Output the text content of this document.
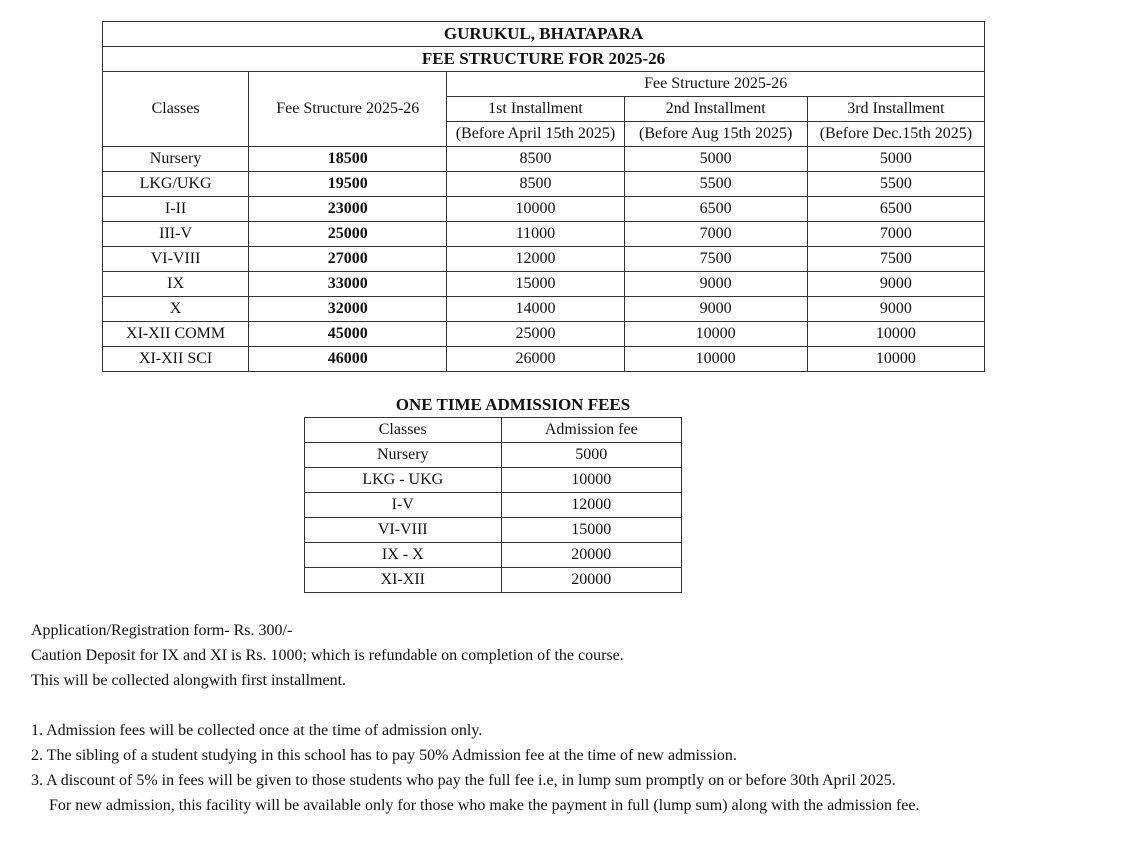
GURUKUL, BHATAPARA				
FEE STRUCTURE FOR 2025-26				
Classes	Fee Structure 2025-26	Fee Structure 2025-26		
		1st Installment	2nd Installment	3rd Installment
		(Before April 15th 2025)	(Before Aug 15th 2025)	(Before Dec.15th 2025)
Nursery	18500	8500	5000	5000
LKG/UKG	19500	8500	5500	5500
I-II	23000	10000	6500	6500
III-V	25000	11000	7000	7000
VI-VIII	27000	12000	7500	7500
IX	33000	15000	9000	9000
X	32000	14000	9000	9000
XI-XII COMM	45000	25000	10000	10000
XI-XII SCI	46000	26000	10000	10000
ONE TIME ADMISSION FEES
Classes	Admission fee
Nursery	5000
LKG - UKG	10000
I-V	12000
VI-VIII	15000
IX - X	20000
XI-XII	20000
Application/Registration form- Rs. 300/-
Caution Deposit for IX and XI is Rs. 1000; which is refundable on completion of the course.
This will be collected alongwith first installment.
1. Admission fees will be collected once at the time of admission only.
2. The sibling of a student studying in this school has to pay 50% Admission fee at the time of new admission.
3. A discount of 5% in fees will be given to those students who pay the full fee i.e, in lump sum promptly on or before 30th April 2025.
For new admission, this facility will be available only for those who make the payment in full (lump sum) along with the admission fee.
